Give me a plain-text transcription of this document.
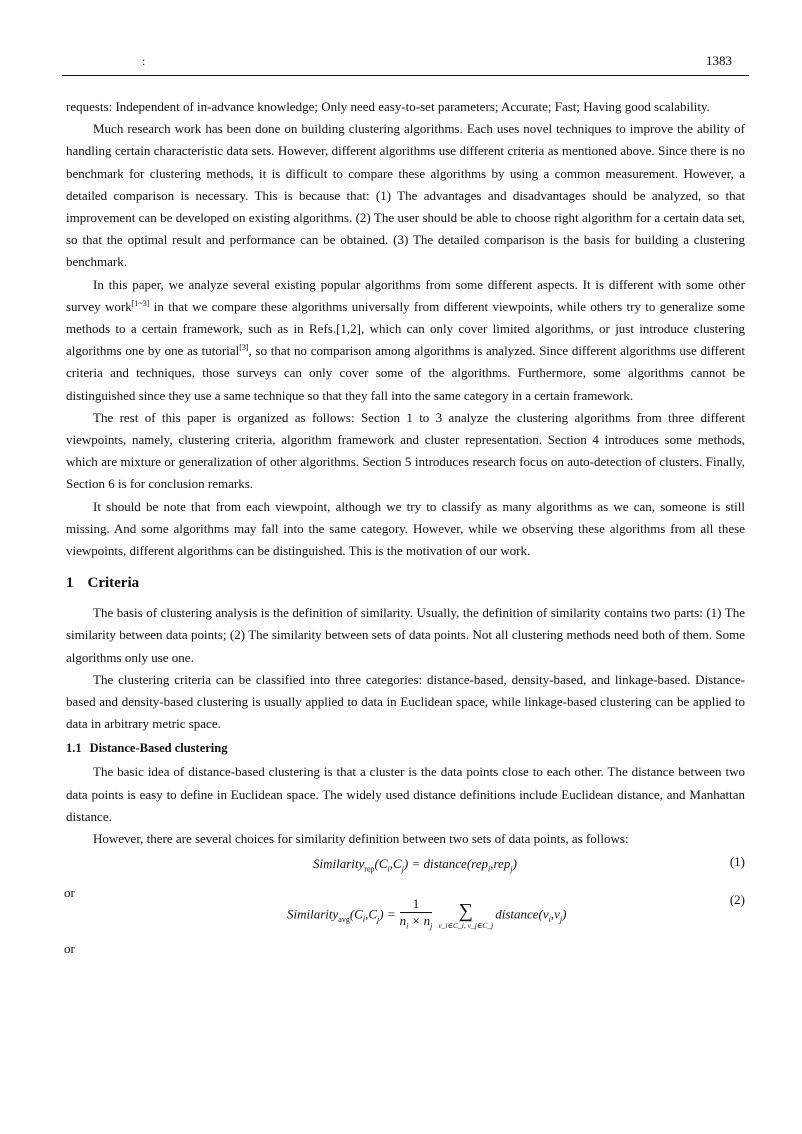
:	1383

requests: Independent of in-advance knowledge; Only need easy-to-set parameters; Accurate; Fast; Having good scalability.

Much research work has been done on building clustering algorithms. Each uses novel techniques to improve the ability of handling certain characteristic data sets. However, different algorithms use different criteria as mentioned above. Since there is no benchmark for clustering methods, it is difficult to compare these algorithms by using a common measurement. However, a detailed comparison is necessary. This is because that: (1) The advantages and disadvantages should be analyzed, so that improvement can be developed on existing algorithms. (2) The user should be able to choose right algorithm for a certain data set, so that the optimal result and performance can be obtained. (3) The detailed comparison is the basis for building a clustering benchmark.

In this paper, we analyze several existing popular algorithms from some different aspects. It is different with some other survey work[1~3] in that we compare these algorithms universally from different viewpoints, while others try to generalize some methods to a certain framework, such as in Refs.[1,2], which can only cover limited algorithms, or just introduce clustering algorithms one by one as tutorial[3], so that no comparison among algorithms is analyzed. Since different algorithms use different criteria and techniques, those surveys can only cover some of the algorithms. Furthermore, some algorithms cannot be distinguished since they use a same technique so that they fall into the same category in a certain framework.

The rest of this paper is organized as follows: Section 1 to 3 analyze the clustering algorithms from three different viewpoints, namely, clustering criteria, algorithm framework and cluster representation. Section 4 introduces some methods, which are mixture or generalization of other algorithms. Section 5 introduces research focus on auto-detection of clusters. Finally, Section 6 is for conclusion remarks.

It should be note that from each viewpoint, although we try to classify as many algorithms as we can, someone is still missing. And some algorithms may fall into the same category. However, while we observing these algorithms from all these viewpoints, different algorithms can be distinguished. This is the motivation of our work.

1 Criteria

The basis of clustering analysis is the definition of similarity. Usually, the definition of similarity contains two parts: (1) The similarity between data points; (2) The similarity between sets of data points. Not all clustering methods need both of them. Some algorithms only use one.

The clustering criteria can be classified into three categories: distance-based, density-based, and linkage-based. Distance-based and density-based clustering is usually applied to data in Euclidean space, while linkage-based clustering can be applied to data in arbitrary metric space.

1.1 Distance-Based clustering

The basic idea of distance-based clustering is that a cluster is the data points close to each other. The distance between two data points is easy to define in Euclidean space. The widely used distance definitions include Euclidean distance, and Manhattan distance.

However, there are several choices for similarity definition between two sets of data points, as follows:

$Similarity_{rep}(C_i,C_j)$ = distance(rep$_i$,rep$_j$)	(1)

or

$Similarity_{avg}(C_i,C_j) = \frac{1}{n_i \times n_j}$	∑
v_i∈C_i, v_j∈C_j
$distance(v_i,v_j)$
(2)

or
